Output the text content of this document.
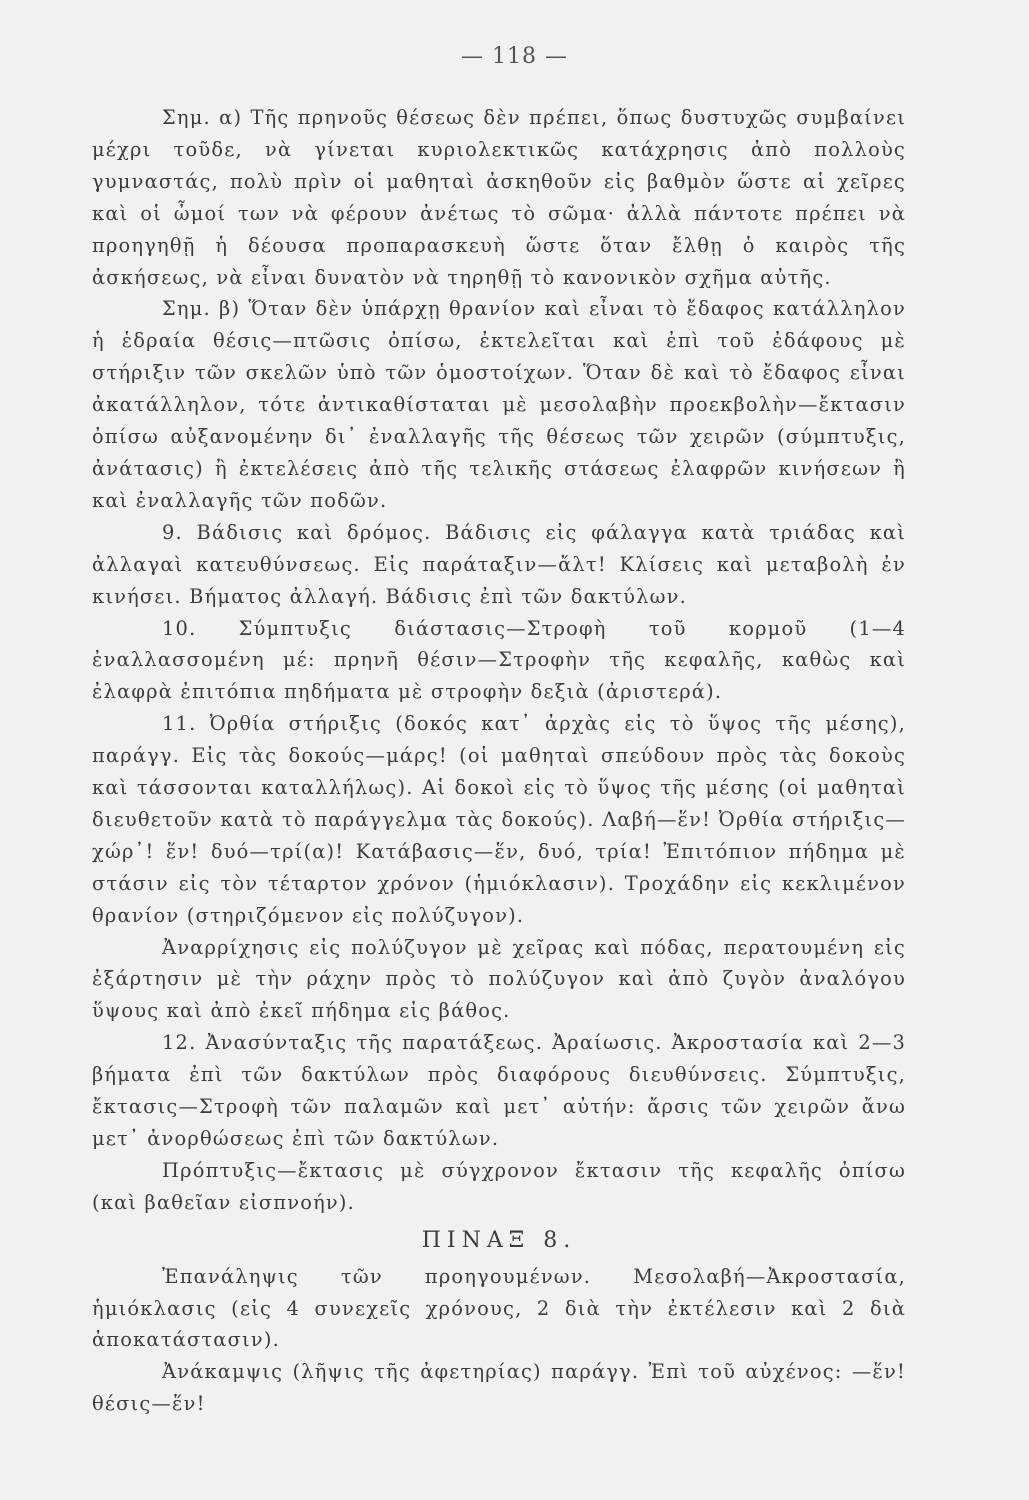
— 118 —

Σημ. α) Τῆς πρηνοῦς θέσεως δὲν πρέπει, ὅπως δυστυχῶς συμβαίνει μέχρι τοῦδε, νὰ γίνεται κυριολεκτικῶς κατάχρησις ἀπὸ πολλοὺς γυμναστάς, πολὺ πρὶν οἱ μαθηταὶ ἀσκηθοῦν εἰς βαθμὸν ὥστε αἱ χεῖρες καὶ οἱ ὦμοί των νὰ φέρουν ἀνέτως τὸ σῶμα· ἀλλὰ πάντοτε πρέπει νὰ προηγηθῇ ἡ δέουσα προπαρασκευὴ ὥστε ὅταν ἔλθῃ ὁ καιρὸς τῆς ἀσκήσεως, νὰ εἶναι δυνατὸν νὰ τηρηθῇ τὸ κανονικὸν σχῆμα αὐτῆς.

Σημ. β) Ὅταν δὲν ὑπάρχῃ θρανίον καὶ εἶναι τὸ ἔδαφος κατάλληλον ἡ ἑδραία θέσις—πτῶσις ὀπίσω, ἐκτελεῖται καὶ ἐπὶ τοῦ ἐδάφους μὲ στήριξιν τῶν σκελῶν ὑπὸ τῶν ὁμοστοίχων. Ὅταν δὲ καὶ τὸ ἔδαφος εἶναι ἀκατάλληλον, τότε ἀντικαθίσταται μὲ μεσολαβὴν προεκβολὴν—ἔκτασιν ὀπίσω αὐξανομένην δι᾿ ἐναλλαγῆς τῆς θέσεως τῶν χειρῶν (σύμπτυξις, ἀνάτασις) ἢ ἐκτελέσεις ἀπὸ τῆς τελικῆς στάσεως ἐλαφρῶν κινήσεων ἢ καὶ ἐναλλαγῆς τῶν ποδῶν.

9. Βάδισις καὶ δρόμος. Βάδισις εἰς φάλαγγα κατὰ τριάδας καὶ ἀλλαγαὶ κατευθύνσεως. Εἰς παράταξιν—ἄλτ! Κλίσεις καὶ μεταβολὴ ἐν κινήσει. Βήματος ἀλλαγή. Βάδισις ἐπὶ τῶν δακτύλων.

10. Σύμπτυξις διάστασις—Στροφὴ τοῦ κορμοῦ (1—4 ἐναλλασσομένη μέ: πρηνῆ θέσιν—Στροφὴν τῆς κεφαλῆς, καθὼς καὶ ἐλαφρὰ ἐπιτόπια πηδήματα μὲ στροφὴν δεξιὰ (ἀριστερά).

11. Ὀρθία στήριξις (δοκός κατ᾿ ἀρχὰς εἰς τὸ ὕψος τῆς μέσης), παράγγ. Εἰς τὰς δοκούς—μάρς! (οἱ μαθηταὶ σπεύδουν πρὸς τὰς δοκοὺς καὶ τάσσονται καταλλήλως). Αἱ δοκοὶ εἰς τὸ ὕψος τῆς μέσης (οἱ μαθηταὶ διευθετοῦν κατὰ τὸ παράγγελμα τὰς δοκούς). Λαβή—ἕν! Ὀρθία στήριξις—χώρ᾿! ἕν! δυό—τρί(α)! Κατάβασις—ἕν, δυό, τρία! Ἐπιτόπιον πήδημα μὲ στάσιν εἰς τὸν τέταρτον χρόνον (ἡμιόκλασιν). Τροχάδην εἰς κεκλιμένον θρανίον (στηριζόμενον εἰς πολύζυγον).

Ἀναρρίχησις εἰς πολύζυγον μὲ χεῖρας καὶ πόδας, περατουμένη εἰς ἐξάρτησιν μὲ τὴν ράχην πρὸς τὸ πολύζυγον καὶ ἀπὸ ζυγὸν ἀναλόγου ὕψους καὶ ἀπὸ ἐκεῖ πήδημα εἰς βάθος.

12. Ἀνασύνταξις τῆς παρατάξεως. Ἀραίωσις. Ἀκροστασία καὶ 2—3 βήματα ἐπὶ τῶν δακτύλων πρὸς διαφόρους διευθύνσεις. Σύμπτυξις, ἔκτασις—Στροφὴ τῶν παλαμῶν καὶ μετ᾿ αὐτήν: ἄρσις τῶν χειρῶν ἄνω μετ᾿ ἀνορθώσεως ἐπὶ τῶν δακτύλων.

Πρόπτυξις—ἔκτασις μὲ σύγχρονον ἔκτασιν τῆς κεφαλῆς ὀπίσω (καὶ βαθεῖαν εἰσπνοήν).

ΠΙΝΑΞ 8.

Ἐπανάληψις τῶν προηγουμένων. Μεσολαβή—Ἀκροστασία, ἡμιόκλασις (εἰς 4 συνεχεῖς χρόνους, 2 διὰ τὴν ἐκτέλεσιν καὶ 2 διὰ ἀποκατάστασιν).

Ἀνάκαμψις (λῆψις τῆς ἀφετηρίας) παράγγ. Ἐπὶ τοῦ αὐχένος: —ἕν! θέσις—ἕν!
